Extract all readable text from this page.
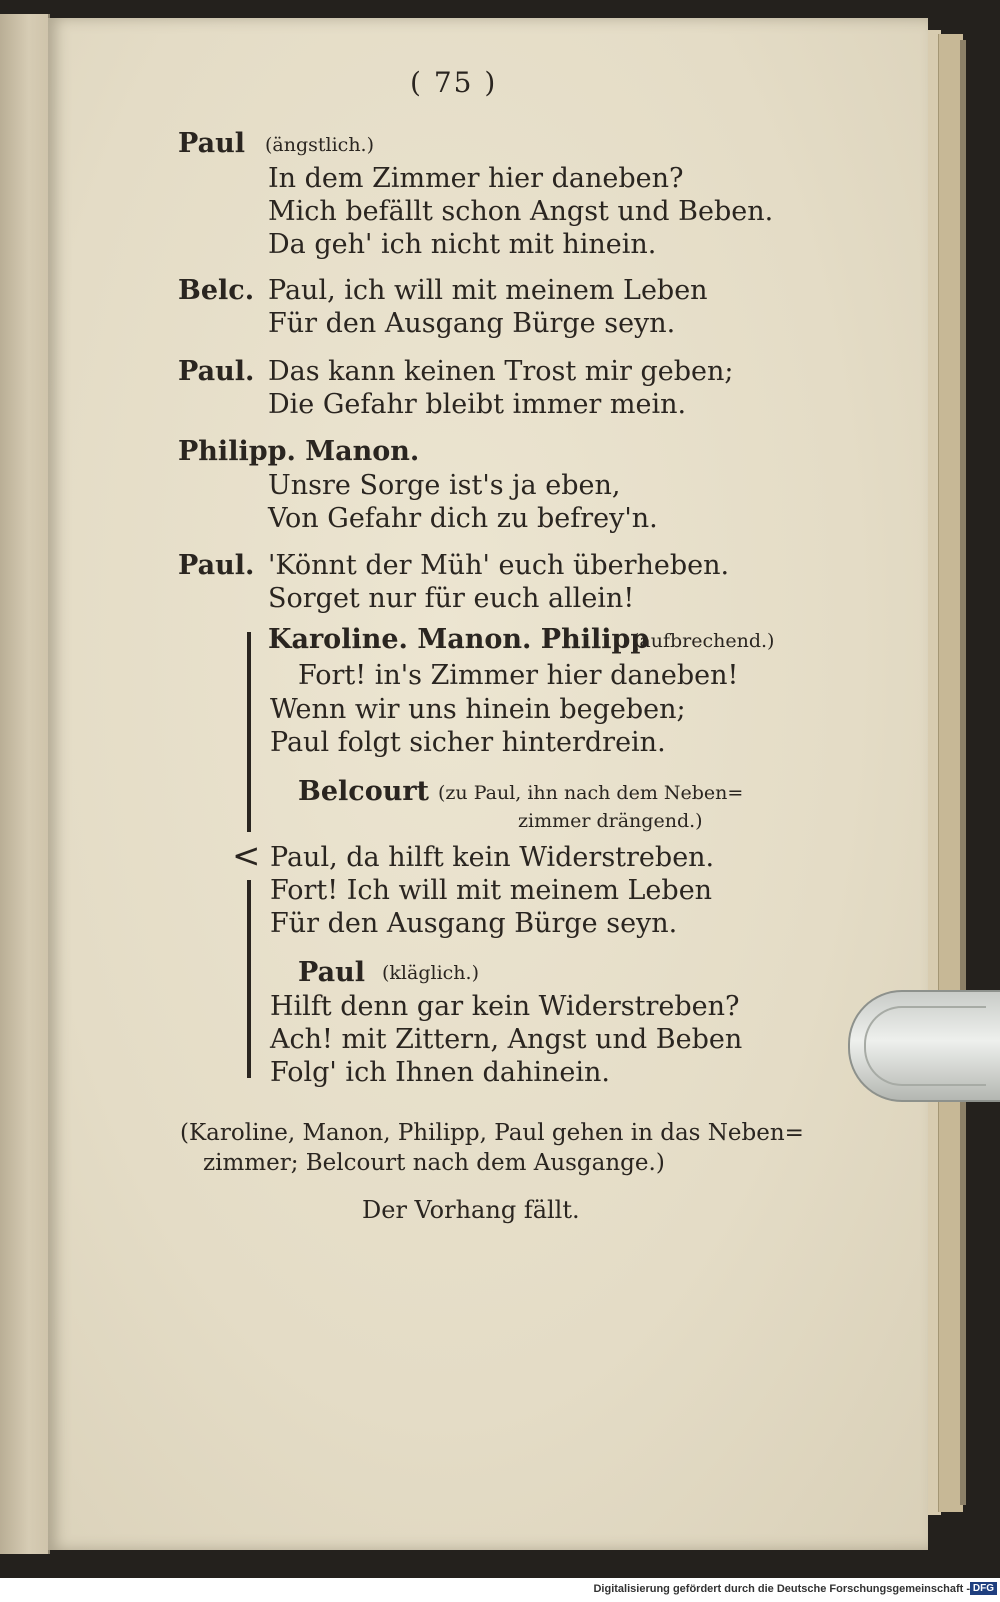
( 75 )
Paul (ängstlich.)
In dem Zimmer hier daneben?
Mich befällt schon Angst und Beben.
Da geh' ich nicht mit hinein.
Belc. Paul, ich will mit meinem Leben
Für den Ausgang Bürge seyn.
Paul. Das kann keinen Trost mir geben;
Die Gefahr bleibt immer mein.
Philipp. Manon.
Unsre Sorge ist's ja eben,
Von Gefahr dich zu befrey'n.
Paul. 'Könnt der Müh' euch überheben.
Sorget nur für euch allein!
<
Karoline. Manon. Philipp
(aufbrechend.)
Fort! in's Zimmer hier daneben!
Wenn wir uns hinein begeben;
Paul folgt sicher hinterdrein.
Belcourt (zu Paul, ihn nach dem Neben=
zimmer drängend.)
Paul, da hilft kein Widerstreben.
Fort! Ich will mit meinem Leben
Für den Ausgang Bürge seyn.
Paul (kläglich.)
Hilft denn gar kein Widerstreben?
Ach! mit Zittern, Angst und Beben
Folg' ich Ihnen dahinein.
(Karoline, Manon, Philipp, Paul gehen in das Neben=
zimmer; Belcourt nach dem Ausgange.)
Der Vorhang fällt.
Digitalisierung gefördert durch die Deutsche Forschungsgemeinschaft - DFG
